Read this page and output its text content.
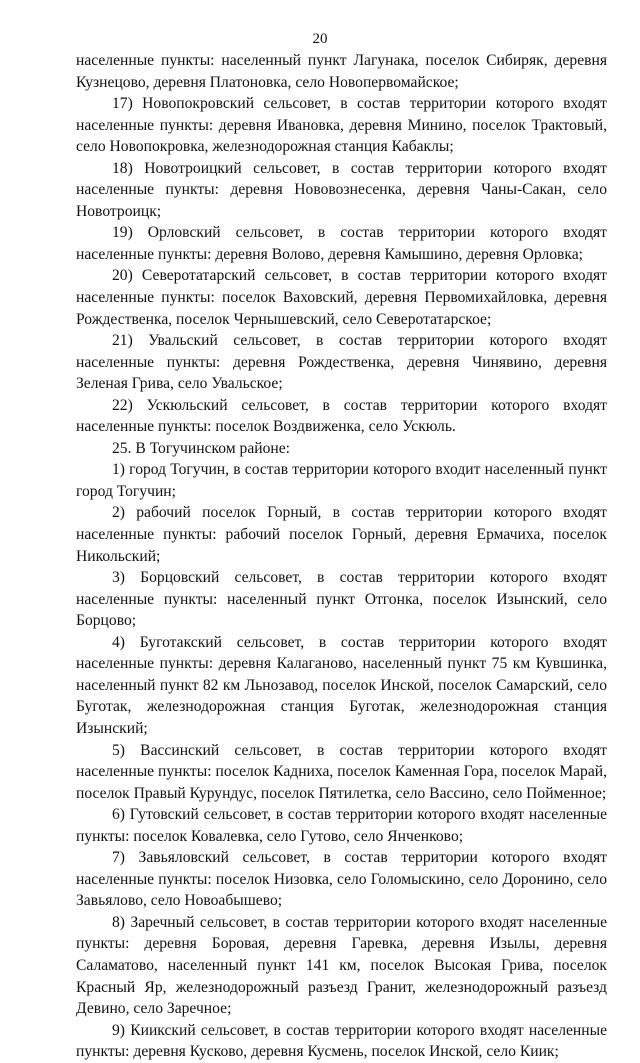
20

населенные пункты: населенный пункт Лагунака, поселок Сибиряк, деревня Кузнецово, деревня Платоновка, село Новопервомайское;

17) Новопокровский сельсовет, в состав территории которого входят населенные пункты: деревня Ивановка, деревня Минино, поселок Трактовый, село Новопокровка, железнодорожная станция Кабаклы;

18) Новотроицкий сельсовет, в состав территории которого входят населенные пункты: деревня Нововознесенка, деревня Чаны-Сакан, село Новотроицк;

19) Орловский сельсовет, в состав территории которого входят населенные пункты: деревня Волово, деревня Камышино, деревня Орловка;

20) Северотатарский сельсовет, в состав территории которого входят населенные пункты: поселок Ваховский, деревня Первомихайловка, деревня Рождественка, поселок Чернышевский, село Северотатарское;

21) Увальский сельсовет, в состав территории которого входят населенные пункты: деревня Рождественка, деревня Чинявино, деревня Зеленая Грива, село Увальское;

22) Ускюльский сельсовет, в состав территории которого входят населенные пункты: поселок Воздвиженка, село Ускюль.

25. В Тогучинском районе:

1) город Тогучин, в состав территории которого входит населенный пункт город Тогучин;

2) рабочий поселок Горный, в состав территории которого входят населенные пункты: рабочий поселок Горный, деревня Ермачиха, поселок Никольский;

3) Борцовский сельсовет, в состав территории которого входят населенные пункты: населенный пункт Отгонка, поселок Изынский, село Борцово;

4) Буготакский сельсовет, в состав территории которого входят населенные пункты: деревня Калаганово, населенный пункт 75 км Кувшинка, населенный пункт 82 км Льнозавод, поселок Инской, поселок Самарский, село Буготак, железнодорожная станция Буготак, железнодорожная станция Изынский;

5) Вассинский сельсовет, в состав территории которого входят населенные пункты: поселок Кадниха, поселок Каменная Гора, поселок Марай, поселок Правый Курундус, поселок Пятилетка, село Вассино, село Пойменное;

6) Гутовский сельсовет, в состав территории которого входят населенные пункты: поселок Ковалевка, село Гутово, село Янченково;

7) Завьяловский сельсовет, в состав территории которого входят населенные пункты: поселок Низовка, село Голомыскино, село Доронино, село Завьялово, село Новоабышево;

8) Заречный сельсовет, в состав территории которого входят населенные пункты: деревня Боровая, деревня Гаревка, деревня Изылы, деревня Саламатово, населенный пункт 141 км, поселок Высокая Грива, поселок Красный Яр, железнодорожный разъезд Гранит, железнодорожный разъезд Девино, село Заречное;

9) Киикский сельсовет, в состав территории которого входят населенные пункты: деревня Кусково, деревня Кусмень, поселок Инской, село Киик;
